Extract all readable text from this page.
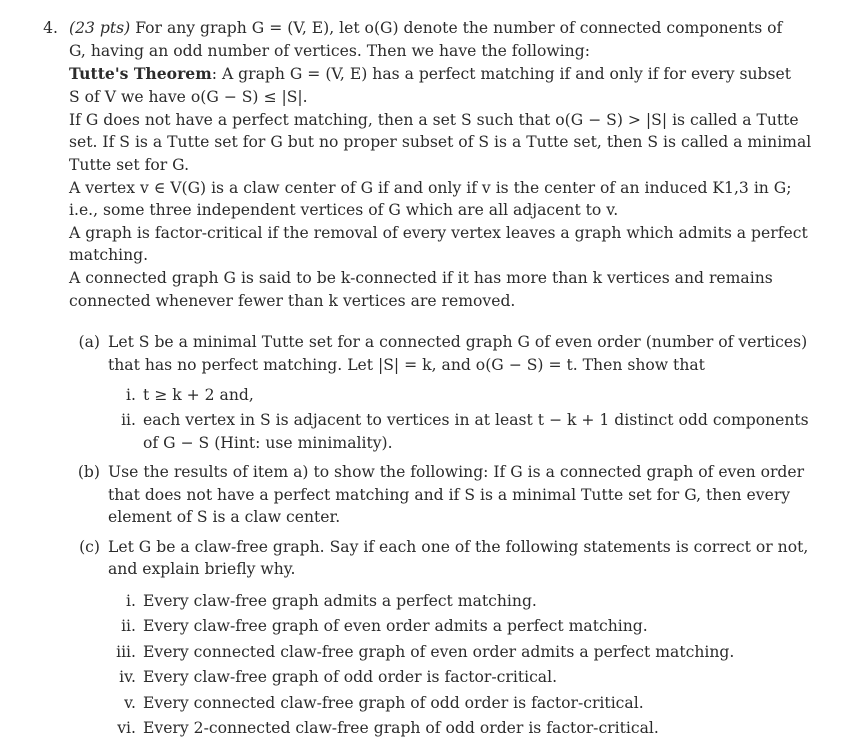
4. (23 pts) For any graph G = (V, E), let o(G) denote the number of connected components of
G, having an odd number of vertices. Then we have the following:
Tutte's Theorem: A graph G = (V, E) has a perfect matching if and only if for every subset
S of V we have o(G − S) ≤ |S|.
If G does not have a perfect matching, then a set S such that o(G − S) > |S| is called a Tutte
set. If S is a Tutte set for G but no proper subset of S is a Tutte set, then S is called a minimal
Tutte set for G.
A vertex v ∈ V(G) is a claw center of G if and only if v is the center of an induced K1,3 in G;
i.e., some three independent vertices of G which are all adjacent to v.
A graph is factor-critical if the removal of every vertex leaves a graph which admits a perfect
matching.
A connected graph G is said to be k-connected if it has more than k vertices and remains
connected whenever fewer than k vertices are removed.
(a) Let S be a minimal Tutte set for a connected graph G of even order (number of vertices)
that has no perfect matching. Let |S| = k, and o(G − S) = t. Then show that
i. t ≥ k + 2 and,
ii. each vertex in S is adjacent to vertices in at least t − k + 1 distinct odd components
of G − S (Hint: use minimality).
(b) Use the results of item a) to show the following: If G is a connected graph of even order
that does not have a perfect matching and if S is a minimal Tutte set for G, then every
element of S is a claw center.
(c) Let G be a claw-free graph. Say if each one of the following statements is correct or not,
and explain briefly why.
i. Every claw-free graph admits a perfect matching.
ii. Every claw-free graph of even order admits a perfect matching.
iii. Every connected claw-free graph of even order admits a perfect matching.
iv. Every claw-free graph of odd order is factor-critical.
v. Every connected claw-free graph of odd order is factor-critical.
vi. Every 2-connected claw-free graph of odd order is factor-critical.
